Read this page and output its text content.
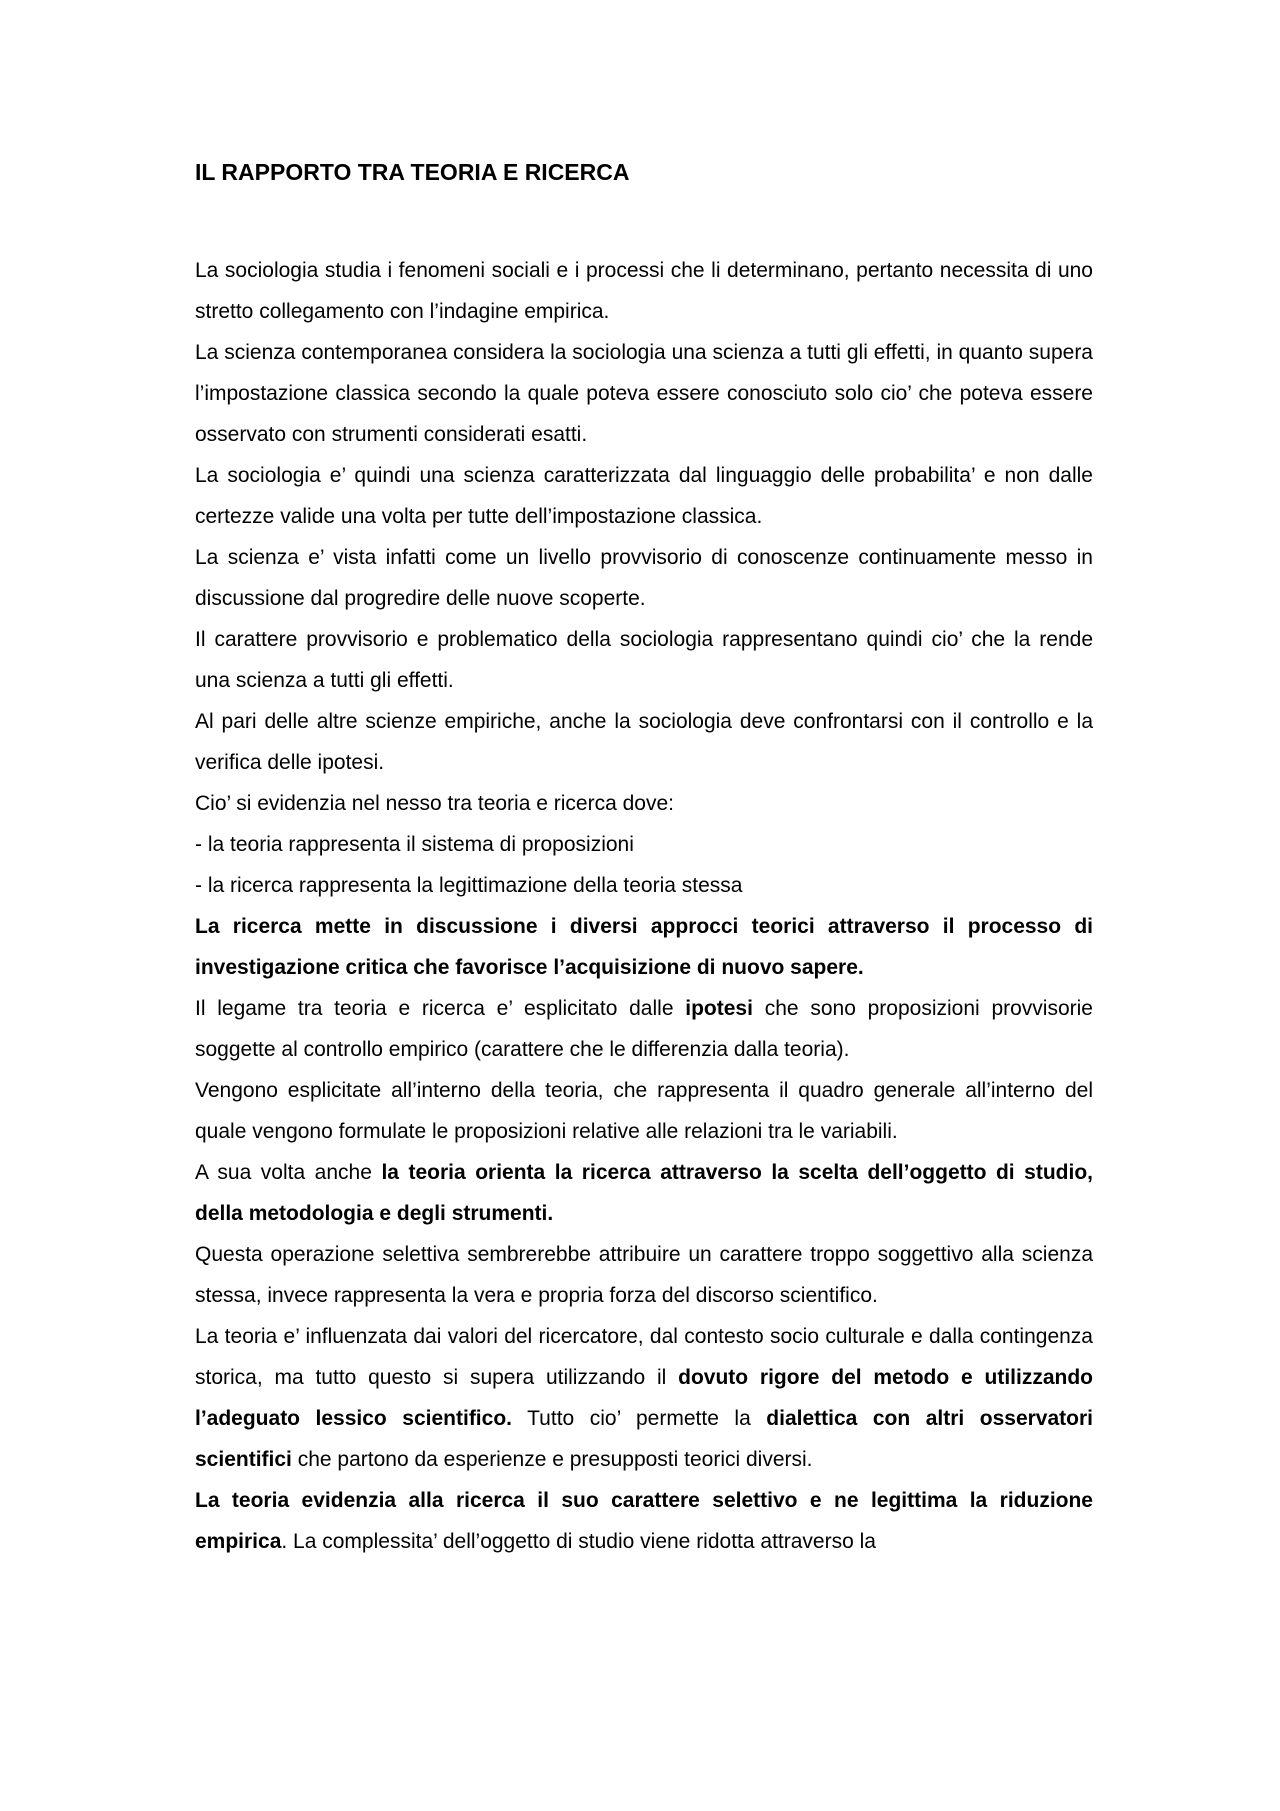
IL RAPPORTO TRA TEORIA E RICERCA

La sociologia studia i fenomeni sociali e i processi che li determinano, pertanto necessita di uno stretto collegamento con l’indagine empirica.

La scienza contemporanea considera la sociologia una scienza a tutti gli effetti, in quanto supera l’impostazione classica secondo la quale poteva essere conosciuto solo cio’ che poteva essere osservato con strumenti considerati esatti.

La sociologia e’ quindi una scienza caratterizzata dal linguaggio delle probabilita’ e non dalle certezze valide una volta per tutte dell’impostazione classica.

La scienza e’ vista infatti come un livello provvisorio di conoscenze continuamente messo in discussione dal progredire delle nuove scoperte.

Il carattere provvisorio e problematico della sociologia rappresentano quindi cio’ che la rende una scienza a tutti gli effetti.

Al pari delle altre scienze empiriche, anche la sociologia deve confrontarsi con il controllo e la verifica delle ipotesi.

Cio’ si evidenzia nel nesso tra teoria e ricerca dove:

- la teoria rappresenta il sistema di proposizioni

- la ricerca rappresenta la legittimazione della teoria stessa

La ricerca mette in discussione i diversi approcci teorici attraverso il processo di investigazione critica che favorisce l’acquisizione di nuovo sapere.

Il legame tra teoria e ricerca e’ esplicitato dalle ipotesi che sono proposizioni provvisorie soggette al controllo empirico (carattere che le differenzia dalla teoria).

Vengono esplicitate all’interno della teoria, che rappresenta il quadro generale all’interno del quale vengono formulate le proposizioni relative alle relazioni tra le variabili.

A sua volta anche la teoria orienta la ricerca attraverso la scelta dell’oggetto di studio, della metodologia e degli strumenti.

Questa operazione selettiva sembrerebbe attribuire un carattere troppo soggettivo alla scienza stessa, invece rappresenta la vera e propria forza del discorso scientifico.

La teoria e’ influenzata dai valori del ricercatore, dal contesto socio culturale e dalla contingenza storica, ma tutto questo si supera utilizzando il dovuto rigore del metodo e utilizzando l’adeguato lessico scientifico. Tutto cio’ permette la dialettica con altri osservatori scientifici che partono da esperienze e presupposti teorici diversi.

La teoria evidenzia alla ricerca il suo carattere selettivo e ne legittima la riduzione empirica. La complessita’ dell’oggetto di studio viene ridotta attraverso la
